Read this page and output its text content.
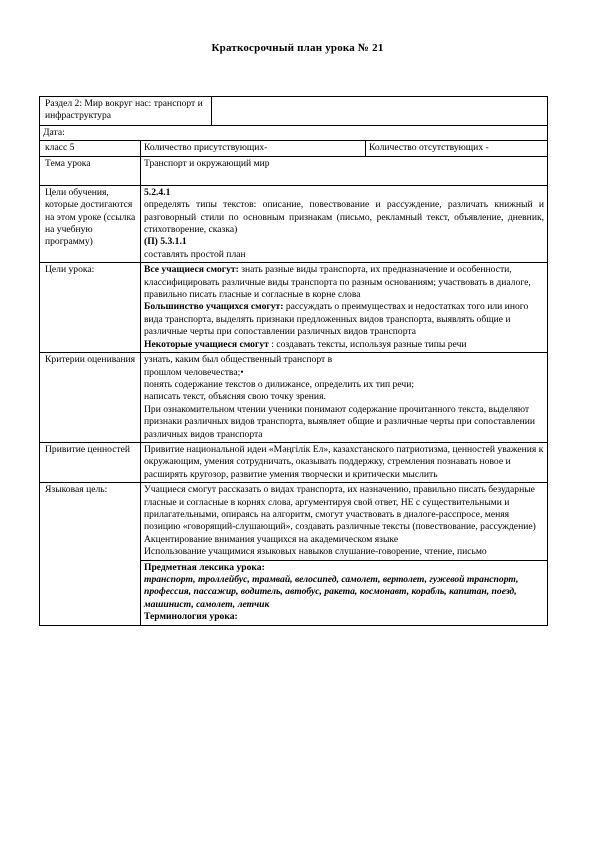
Краткосрочный план урока № 21
Раздел 2: Мир вокруг нас: транспорт и инфраструктура			
Дата:			
класс 5	Количество присутствующих-		Количество отсутствующих -
Тема урока	Транспорт и окружающий мир		
Цели обучения, которые достигаются на этом уроке (ссылка на учебную программу)	5.2.4.1

определять типы текстов: описание, повествование и рассуждение, различать книжный и разговорный стили по основным признакам (письмо, рекламный текст, объявление, дневник, стихотворение, сказка)

(П) 5.3.1.1

составлять простой план		

Цели урока:	Все учащиеся смогут: знать разные виды транспорта, их предназначение и особенности, классифицировать различные виды транспорта по разным основаниям; участвовать в диалоге, правильно писать гласные и согласные в корне слова

Большинство учащихся смогут: рассуждать о преимуществах и недостатках того или иного вида транспорта, выделять признаки предложенных видов транспорта, выявлять общие и различные черты при сопоставлении различных видов транспорта

Некоторые учащиеся смогут : создавать тексты, используя разные типы речи		

Критерии оценивания	узнать, каким был общественный транспорт в

прошлом человечества;•

понять содержание текстов о дилижансе, определить их тип речи;

написать текст, объясняя свою точку зрения.

При ознакомительном чтении ученики понимают содержание прочитанного текста, выделяют признаки различных видов транспорта, выявляет общие и различные черты при сопоставлении различных видов транспорта		

Привитие ценностей	Привитие национальной идеи «Мәңгілік Ел», казахстанского патриотизма, ценностей уважения к окружающим, умения сотрудничать, оказывать поддержку, стремления познавать новое и расширять кругозор, развитие умения творчески и критически мыслить		

Языковая цель:	Учащиеся смогут рассказать о видах транспорта, их назначению, правильно писать безударные гласные и согласные в корнях слова, аргументируя свой ответ, НЕ с существительными и прилагательными, опираясь на алгоритм, смогут участвовать в диалоге-расспросе, меняя позицию «говорящий-слушающий», создавать различные тексты (повествование, рассуждение)

Акцентирование внимания учащихся на академическом языке

Использование учащимися языковых навыков слушание-говорение, чтение, письмо		

	Предметная лексика урока:

транспорт, троллейбус, трамвай, велосипед, самолет, вертолет, гужевой транспорт, профессия, пассажир, водитель, автобус, ракета, космонавт, корабль, капитан, поезд, машинист, самолет, летчик

Терминология урока:		
